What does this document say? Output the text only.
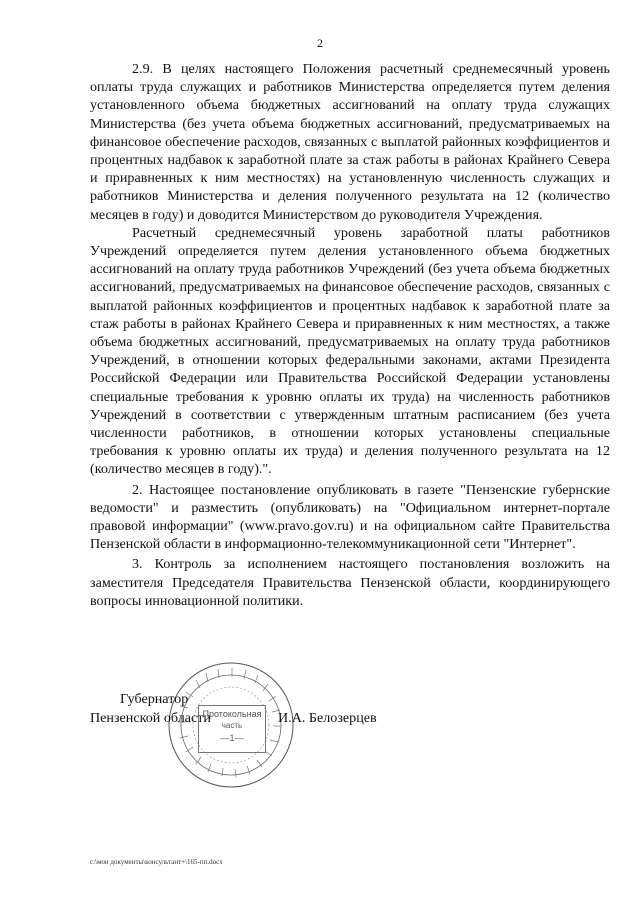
2

2.9. В целях настоящего Положения расчетный среднемесячный уровень оплаты труда служащих и работников Министерства определяется путем деления установленного объема бюджетных ассигнований на оплату труда служащих Министерства (без учета объема бюджетных ассигнований, предусматриваемых на финансовое обеспечение расходов, связанных с выплатой районных коэффициентов и процентных надбавок к заработной плате за стаж работы в районах Крайнего Севера и приравненных к ним местностях) на установленную численность служащих и работников Министерства и деления полученного результата на 12 (количество месяцев в году) и доводится Министерством до руководителя Учреждения.

Расчетный среднемесячный уровень заработной платы работников Учреждений определяется путем деления установленного объема бюджетных ассигнований на оплату труда работников Учреждений (без учета объема бюджетных ассигнований, предусматриваемых на финансовое обеспечение расходов, связанных с выплатой районных коэффициентов и процентных надбавок к заработной плате за стаж работы в районах Крайнего Севера и приравненных к ним местностях, а также объема бюджетных ассигнований, предусматриваемых на оплату труда работников Учреждений, в отношении которых федеральными законами, актами Президента Российской Федерации или Правительства Российской Федерации установлены специальные требования к уровню оплаты их труда) на численность работников Учреждений в соответствии с утвержденным штатным расписанием (без учета численности работников, в отношении которых установлены специальные требования к уровню оплаты их труда) и деления полученного результата на 12 (количество месяцев в году).".

2. Настоящее постановление опубликовать в газете "Пензенские губернские ведомости" и разместить (опубликовать) на "Официальном интернет-портале правовой информации" (www.pravo.gov.ru) и на официальном сайте Правительства Пензенской области в информационно-телекоммуникационной сети "Интернет".

3. Контроль за исполнением настоящего постановления возложить на заместителя Председателя Правительства Пензенской области, координирующего вопросы инновационной политики.

Протокольная
часть
—1—
Губернатор
Пензенской области	И.А. Белозерцев
c:\мои документы\консультант+\165-пп.docx
